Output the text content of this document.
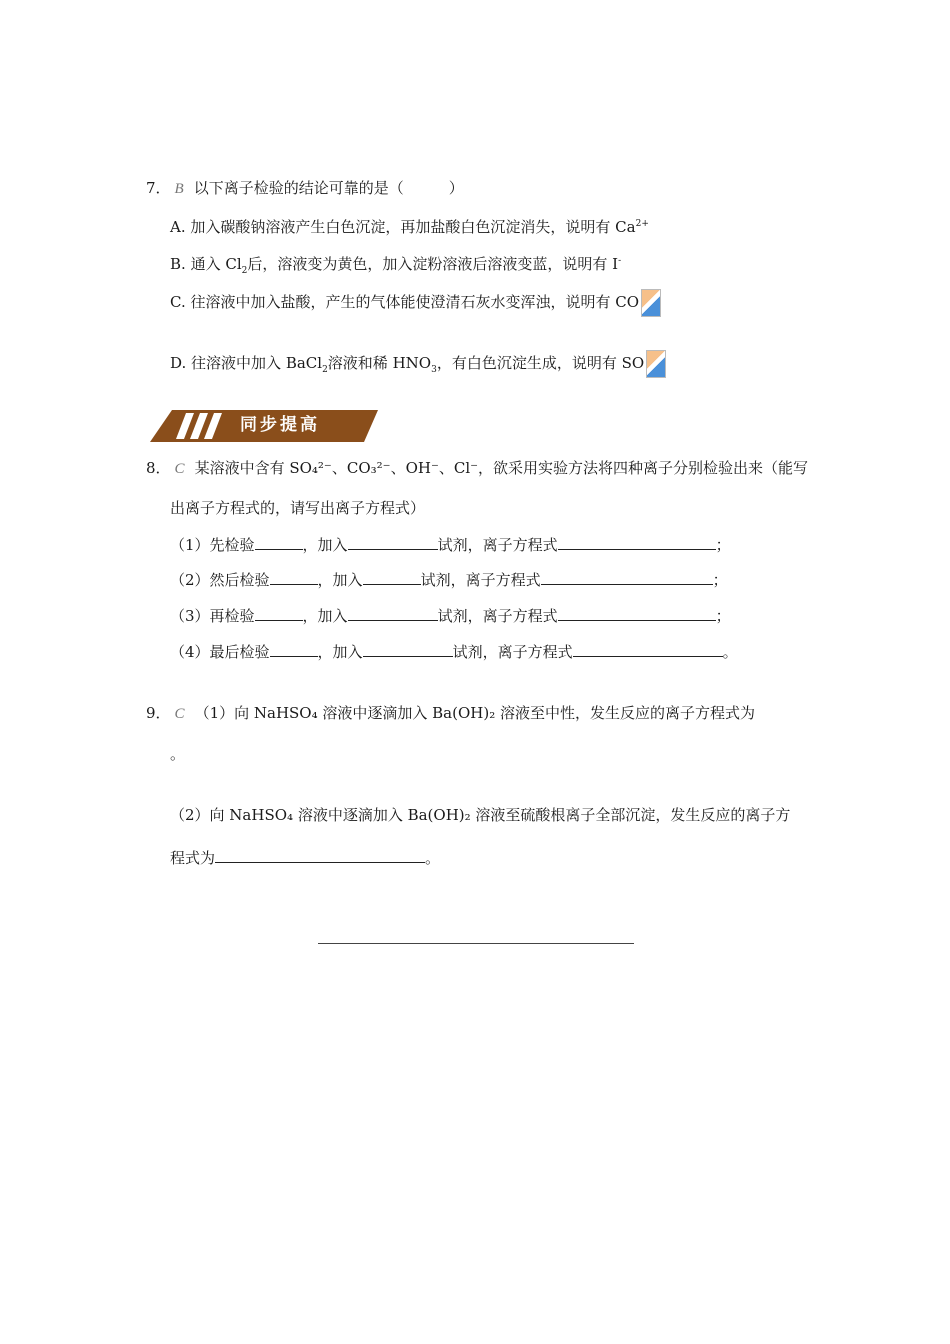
7． B 以下离子检验的结论可靠的是（　　　）
A. 加入碳酸钠溶液产生白色沉淀，再加盐酸白色沉淀消失，说明有 $Ca^{2+}$
B. 通入 $Cl_2$后，溶液变为黄色，加入淀粉溶液后溶液变蓝，说明有 I-
C. 往溶液中加入盐酸，产生的气体能使澄清石灰水变浑浊，说明有 CO
D. 往溶液中加入 BaCl$_2$溶液和稀 $HNO_3$，有白色沉淀生成，说明有 SO
同步提高
8． C 某溶液中含有 SO₄²⁻、CO₃²⁻、OH⁻、Cl⁻，欲采用实验方法将四种离子分别检验出来（能写
出离子方程式的，请写出离子方程式）
（1）先检验	，加入	试剂，离子方程式	；
（2）然后检验	，加入	试剂，离子方程式	；
（3）再检验	，加入	试剂，离子方程式	；
（4）最后检验	，加入	试剂，离子方程式	。
9． C （1）向 NaHSO₄ 溶液中逐滴加入 Ba(OH)₂ 溶液至中性，发生反应的离子方程式为
。
（2）向 NaHSO₄ 溶液中逐滴加入 Ba(OH)₂ 溶液至硫酸根离子全部沉淀，发生反应的离子方
程式为	。
